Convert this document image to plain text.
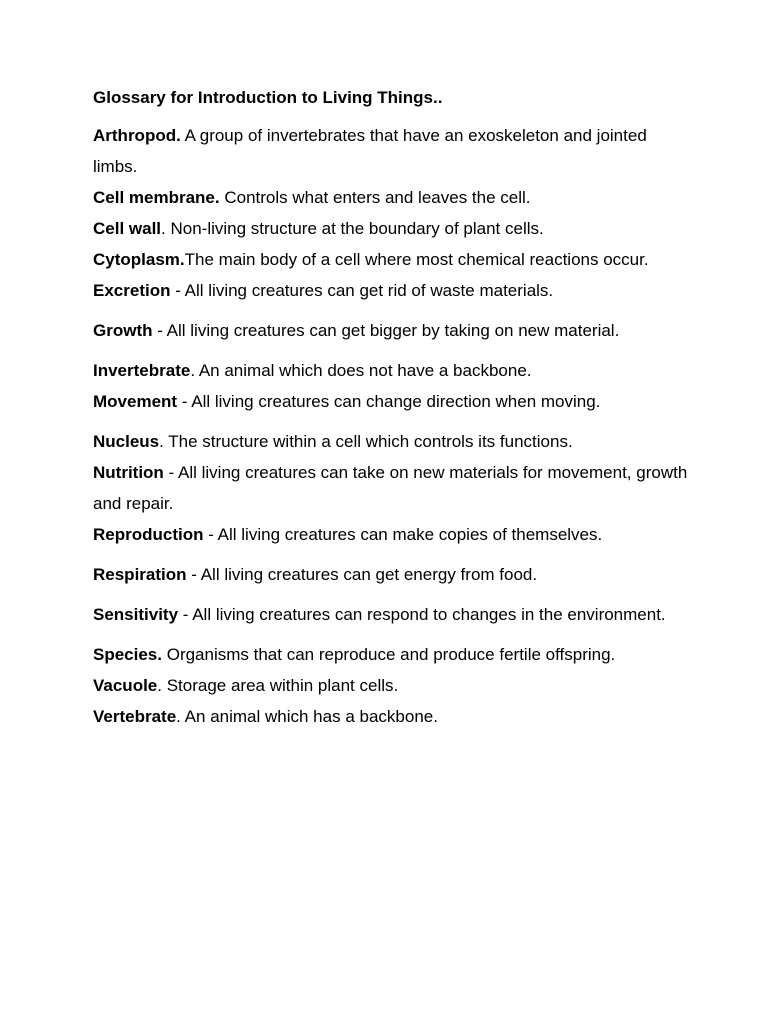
Glossary for Introduction to Living Things..

Arthropod. A group of invertebrates that have an exoskeleton and jointed limbs.

Cell membrane. Controls what enters and leaves the cell.

Cell wall. Non-living structure at the boundary of plant cells.

Cytoplasm.The main body of a cell where most chemical reactions occur.

Excretion - All living creatures can get rid of waste materials.

Growth - All living creatures can get bigger by taking on new material.

Invertebrate. An animal which does not have a backbone.

Movement - All living creatures can change direction when moving.

Nucleus. The structure within a cell which controls its functions.

Nutrition - All living creatures can take on new materials for movement, growth and repair.

Reproduction - All living creatures can make copies of themselves.

Respiration - All living creatures can get energy from food.

Sensitivity - All living creatures can respond to changes in the environment.

Species. Organisms that can reproduce and produce fertile offspring.

Vacuole. Storage area within plant cells.

Vertebrate. An animal which has a backbone.
